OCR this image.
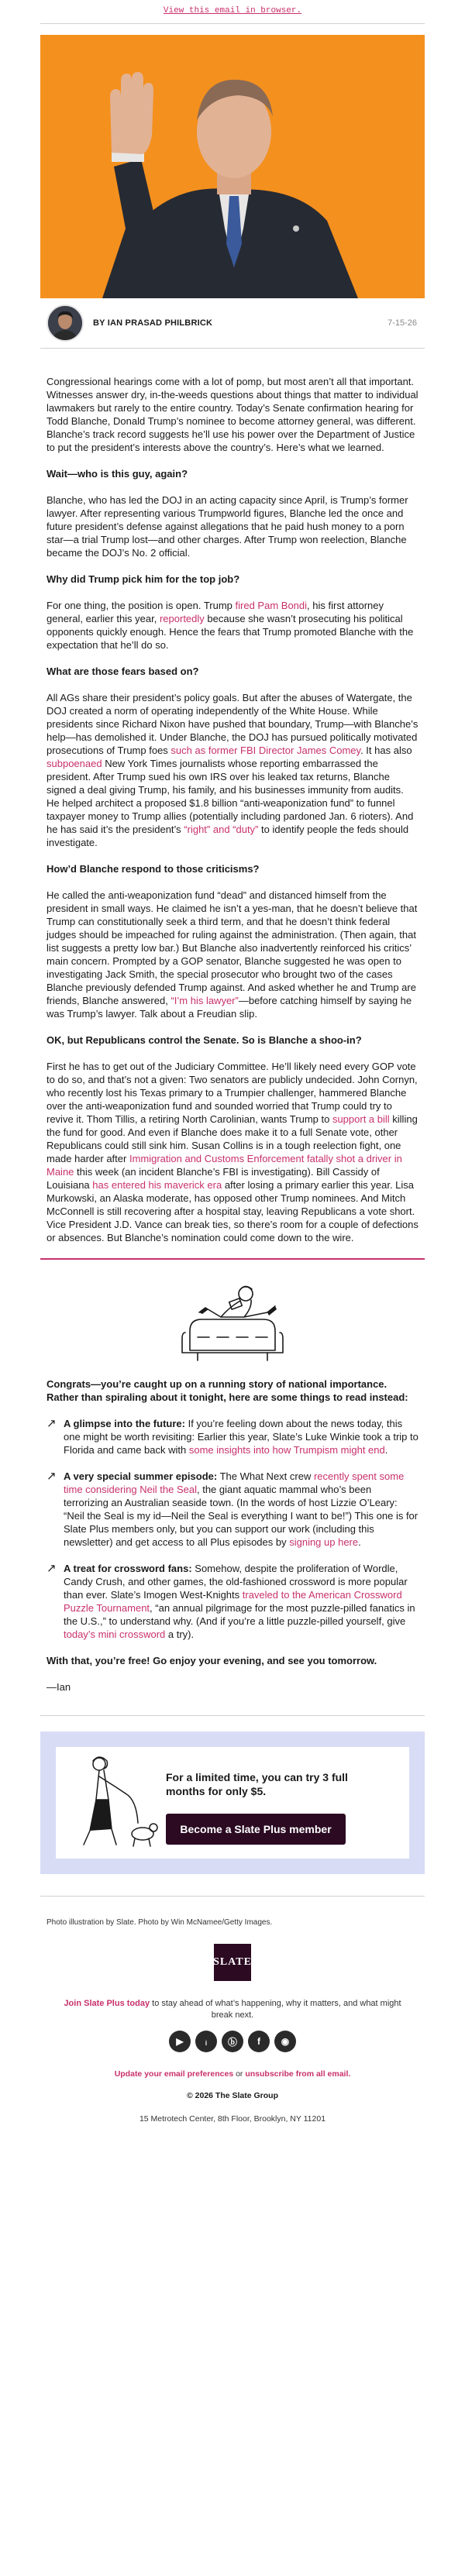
View this email in browser.
BY IAN PRASAD PHILBRICK	7-15-26

Congressional hearings come with a lot of pomp, but most aren’t all that important. Witnesses answer dry, in-the-weeds questions about things that matter to individual lawmakers but rarely to the entire country. Today’s Senate confirmation hearing for Todd Blanche, Donald Trump’s nominee to become attorney general, was different. Blanche’s track record suggests he’ll use his power over the Department of Justice to put the president’s interests above the country’s. Here’s what we learned.

Wait—who is this guy, again?

Blanche, who has led the DOJ in an acting capacity since April, is Trump’s former lawyer. After representing various Trumpworld figures, Blanche led the once and future president’s defense against allegations that he paid hush money to a porn star—a trial Trump lost—and other charges. After Trump won reelection, Blanche became the DOJ’s No. 2 official.

Why did Trump pick him for the top job?

For one thing, the position is open. Trump fired Pam Bondi, his first attorney general, earlier this year, reportedly because she wasn’t prosecuting his political opponents quickly enough. Hence the fears that Trump promoted Blanche with the expectation that he’ll do so.

What are those fears based on?

All AGs share their president’s policy goals. But after the abuses of Watergate, the DOJ created a norm of operating independently of the White House. While presidents since Richard Nixon have pushed that boundary, Trump—with Blanche’s help—has demolished it. Under Blanche, the DOJ has pursued politically motivated prosecutions of Trump foes such as former FBI Director James Comey. It has also subpoenaed New York Times journalists whose reporting embarrassed the president. After Trump sued his own IRS over his leaked tax returns, Blanche signed a deal giving Trump, his family, and his businesses immunity from audits. He helped architect a proposed $1.8 billion “anti-weaponization fund” to funnel taxpayer money to Trump allies (potentially including pardoned Jan. 6 rioters). And he has said it’s the president’s “right” and “duty” to identify people the feds should investigate.

How’d Blanche respond to those criticisms?

He called the anti-weaponization fund “dead” and distanced himself from the president in small ways. He claimed he isn’t a yes-man, that he doesn’t believe that Trump can constitutionally seek a third term, and that he doesn’t think federal judges should be impeached for ruling against the administration. (Then again, that list suggests a pretty low bar.) But Blanche also inadvertently reinforced his critics’ main concern. Prompted by a GOP senator, Blanche suggested he was open to investigating Jack Smith, the special prosecutor who brought two of the cases Blanche previously defended Trump against. And asked whether he and Trump are friends, Blanche answered, “I’m his lawyer”—before catching himself by saying he was Trump’s lawyer. Talk about a Freudian slip.

OK, but Republicans control the Senate. So is Blanche a shoo-in?

First he has to get out of the Judiciary Committee. He’ll likely need every GOP vote to do so, and that’s not a given: Two senators are publicly undecided. John Cornyn, who recently lost his Texas primary to a Trumpier challenger, hammered Blanche over the anti-weaponization fund and sounded worried that Trump could try to revive it. Thom Tillis, a retiring North Carolinian, wants Trump to support a bill killing the fund for good. And even if Blanche does make it to a full Senate vote, other Republicans could still sink him. Susan Collins is in a tough reelection fight, one made harder after Immigration and Customs Enforcement fatally shot a driver in Maine this week (an incident Blanche’s FBI is investigating). Bill Cassidy of Louisiana has entered his maverick era after losing a primary earlier this year. Lisa Murkowski, an Alaska moderate, has opposed other Trump nominees. And Mitch McConnell is still recovering after a hospital stay, leaving Republicans a vote short. Vice President J.D. Vance can break ties, so there’s room for a couple of defections or absences. But Blanche’s nomination could come down to the wire.

Congrats—you’re caught up on a running story of national importance. Rather than spiraling about it tonight, here are some things to read instead:

↗ A glimpse into the future: If you’re feeling down about the news today, this one might be worth revisiting: Earlier this year, Slate’s Luke Winkie took a trip to Florida and came back with some insights into how Trumpism might end.
↗ A very special summer episode: The What Next crew recently spent some time considering Neil the Seal, the giant aquatic mammal who’s been terrorizing an Australian seaside town. (In the words of host Lizzie O’Leary: “Neil the Seal is my id—Neil the Seal is everything I want to be!”) This one is for Slate Plus members only, but you can support our work (including this newsletter) and get access to all Plus episodes by signing up here.
↗ A treat for crossword fans: Somehow, despite the proliferation of Wordle, Candy Crush, and other games, the old-fashioned crossword is more popular than ever. Slate’s Imogen West-Knights traveled to the American Crossword Puzzle Tournament, “an annual pilgrimage for the most puzzle-pilled fanatics in the U.S.,” to understand why. (And if you’re a little puzzle-pilled yourself, give today’s mini crossword a try).

With that, you’re free! Go enjoy your evening, and see you tomorrow.

—Ian

For a limited time, you can try 3 full months for only $5.
Become a Slate Plus member

Photo illustration by Slate. Photo by Win McNamee/Getty Images.

SLATE

Join Slate Plus today to stay ahead of what’s happening, why it matters, and what might break next.

▶	ᵢ	ⓑ	f	◉

Update your email preferences or unsubscribe from all email.

© 2026 The Slate Group

15 Metrotech Center, 8th Floor, Brooklyn, NY 11201
